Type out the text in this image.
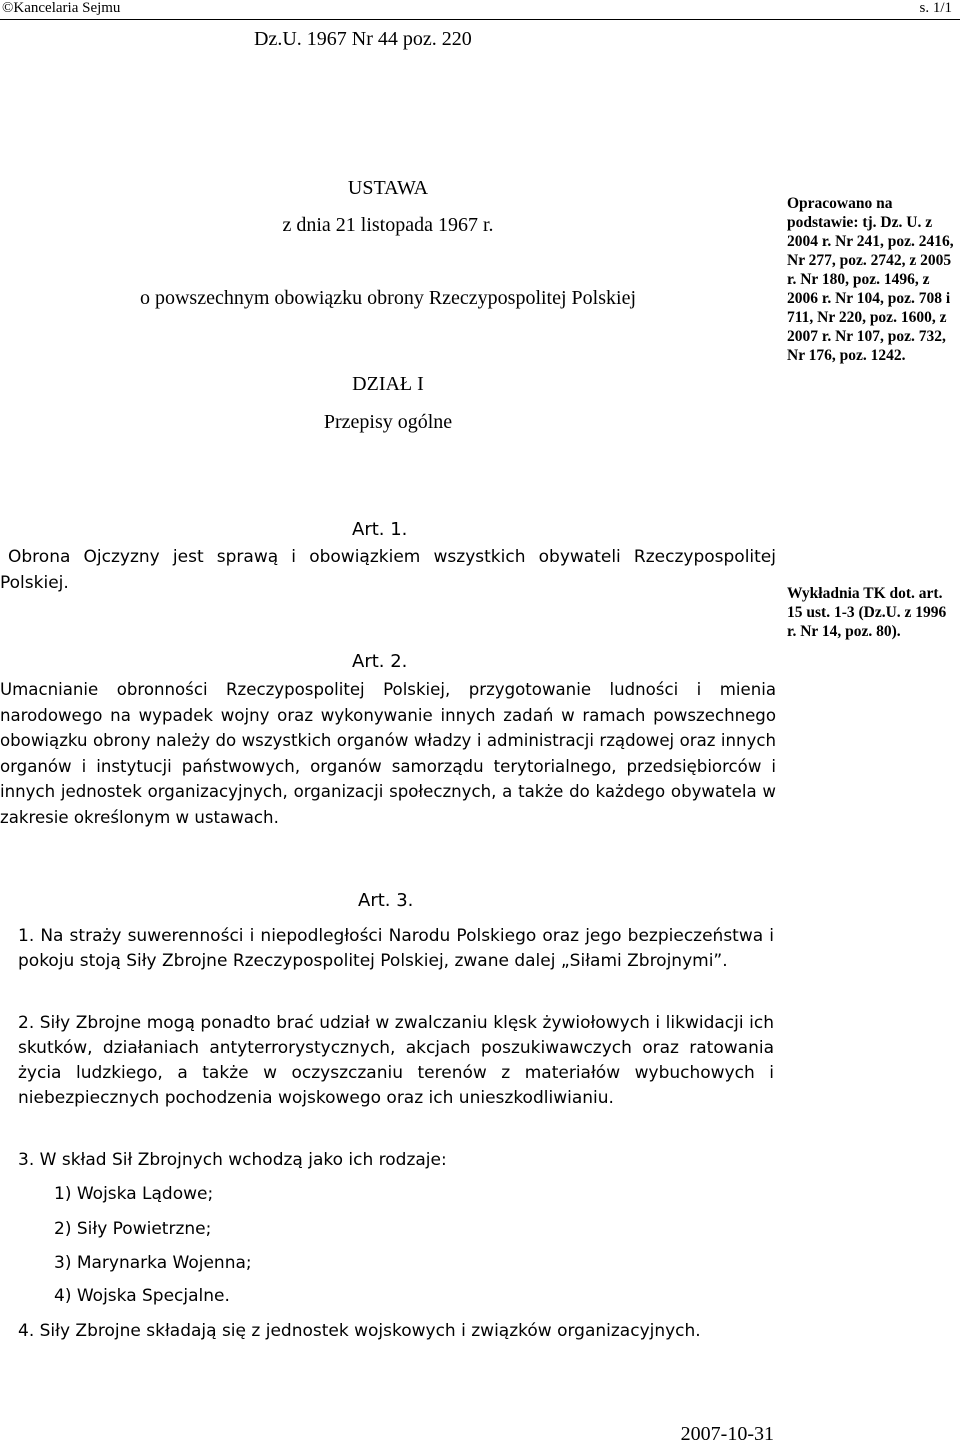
©Kancelaria Sejmu	s. 1/1
Dz.U. 1967 Nr 44 poz. 220
USTAWA
z dnia 21 listopada 1967 r.
o powszechnym obowiązku obrony Rzeczypospolitej Polskiej
DZIAŁ I
Przepisy ogólne
Opracowano na podstawie: tj. Dz. U. z 2004 r. Nr 241, poz. 2416, Nr 277, poz. 2742, z 2005 r. Nr 180, poz. 1496, z 2006 r. Nr 104, poz. 708 i 711, Nr 220, poz. 1600, z 2007 r. Nr 107, poz. 732, Nr 176, poz. 1242.
Wykładnia TK dot. art. 15 ust. 1-3 (Dz.U. z 1996 r. Nr 14, poz. 80).
Art. 1.
Obrona Ojczyzny jest sprawą i obowiązkiem wszystkich obywateli Rzeczypospolitej Polskiej.
Art. 2.
Umacnianie obronności Rzeczypospolitej Polskiej, przygotowanie ludności i mienia narodowego na wypadek wojny oraz wykonywanie innych zadań w ramach powszechnego obowiązku obrony należy do wszystkich organów władzy i administracji rządowej oraz innych organów i instytucji państwowych, organów samorządu terytorialnego, przedsiębiorców i innych jednostek organizacyjnych, organizacji społecznych, a także do każdego obywatela w zakresie określonym w ustawach.
Art. 3.
1. Na straży suwerenności i niepodległości Narodu Polskiego oraz jego bezpieczeństwa i pokoju stoją Siły Zbrojne Rzeczypospolitej Polskiej, zwane dalej „Siłami Zbrojnymi”.
2. Siły Zbrojne mogą ponadto brać udział w zwalczaniu klęsk żywiołowych i likwidacji ich skutków, działaniach antyterrorystycznych, akcjach poszukiwawczych oraz ratowania życia ludzkiego, a także w oczyszczaniu terenów z materiałów wybuchowych i niebezpiecznych pochodzenia wojskowego oraz ich unieszkodliwianiu.
3. W skład Sił Zbrojnych wchodzą jako ich rodzaje:
1) Wojska Lądowe;
2) Siły Powietrzne;
3) Marynarka Wojenna;
4) Wojska Specjalne.
4. Siły Zbrojne składają się z jednostek wojskowych i związków organizacyjnych.
2007-10-31
